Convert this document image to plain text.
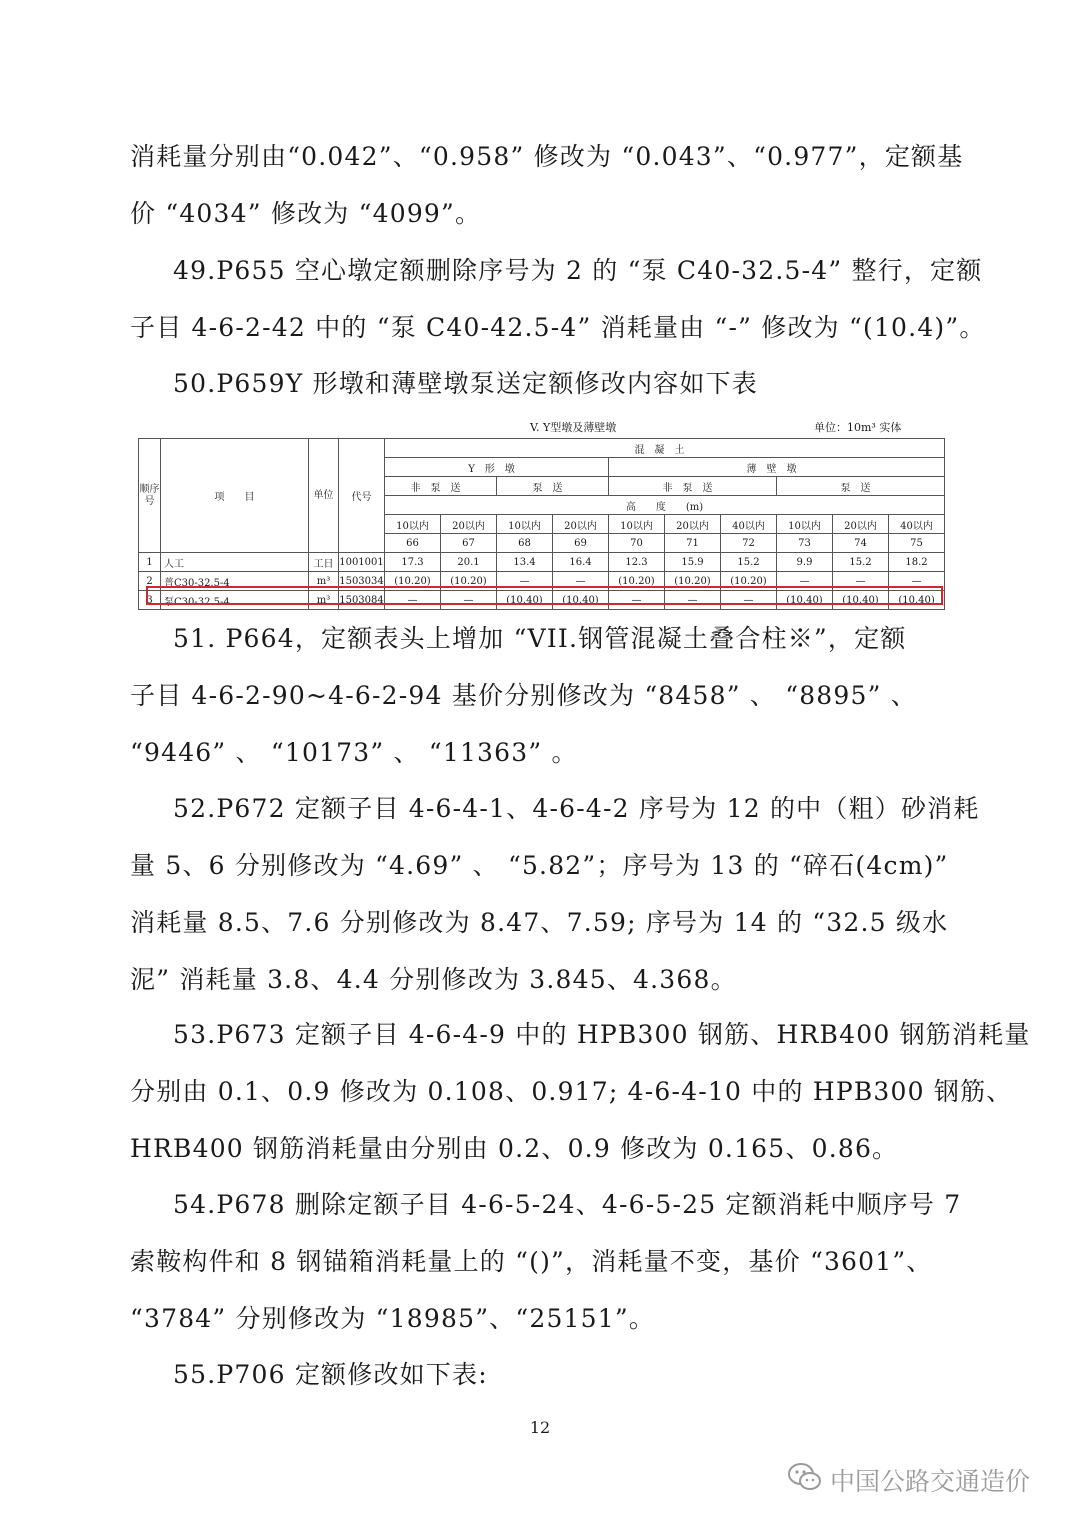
消耗量分别由“0.042”、“0.958” 修改为 “0.043”、“0.977”，定额基
价 “4034” 修改为 “4099”。

49.P655 空心墩定额删除序号为 2 的 “泵 C40-32.5-4” 整行，定额
子目 4-6-2-42 中的 “泵 C40-42.5-4” 消耗量由 “-” 修改为 “(10.4)”。

50.P659Y 形墩和薄壁墩泵送定额修改内容如下表

V. Y型墩及薄壁墩	单位：10m³ 实体
顺序号	项　　目	单位	代号	混凝土									
				Y形墩				薄壁墩					
				非泵送		泵送		非泵送			泵送		
				高　　度　　(m)									
				10以内	20以内	10以内	20以内	10以内	20以内	40以内	10以内	20以内	40以内
				66	67	68	69	70	71	72	73	74	75
1	人工	工日	1001001	17.3	20.1	13.4	16.4	12.3	15.9	15.2	9.9	15.2	18.2
2	普C30-32.5-4	m³	1503034	(10.20)	(10.20)	—	—	(10.20)	(10.20)	(10.20)	—	—	—
3	泵C30-32.5-4	m³	1503084	—	—	(10.40)	(10.40)	—	—	—	(10.40)	(10.40)	(10.40)

51. P664，定额表头上增加 “VII.钢管混凝土叠合柱※”，定额
子目 4-6-2-90~4-6-2-94 基价分别修改为 “8458” 、 “8895” 、
“9446” 、 “10173” 、 “11363” 。

52.P672 定额子目 4-6-4-1、4-6-4-2 序号为 12 的中（粗）砂消耗
量 5、6 分别修改为 “4.69” 、 “5.82”；序号为 13 的 “碎石(4cm)”
消耗量 8.5、7.6 分别修改为 8.47、7.59; 序号为 14 的 “32.5 级水
泥” 消耗量 3.8、4.4 分别修改为 3.845、4.368。

53.P673 定额子目 4-6-4-9 中的 HPB300 钢筋、HRB400 钢筋消耗量
分别由 0.1、0.9 修改为 0.108、0.917; 4-6-4-10 中的 HPB300 钢筋、
HRB400 钢筋消耗量由分别由 0.2、0.9 修改为 0.165、0.86。

54.P678 删除定额子目 4-6-5-24、4-6-5-25 定额消耗中顺序号 7
索鞍构件和 8 钢锚箱消耗量上的 “()”，消耗量不变，基价 “3601”、
“3784” 分别修改为 “18985”、“25151”。

55.P706 定额修改如下表:

12
中国公路交通造价
